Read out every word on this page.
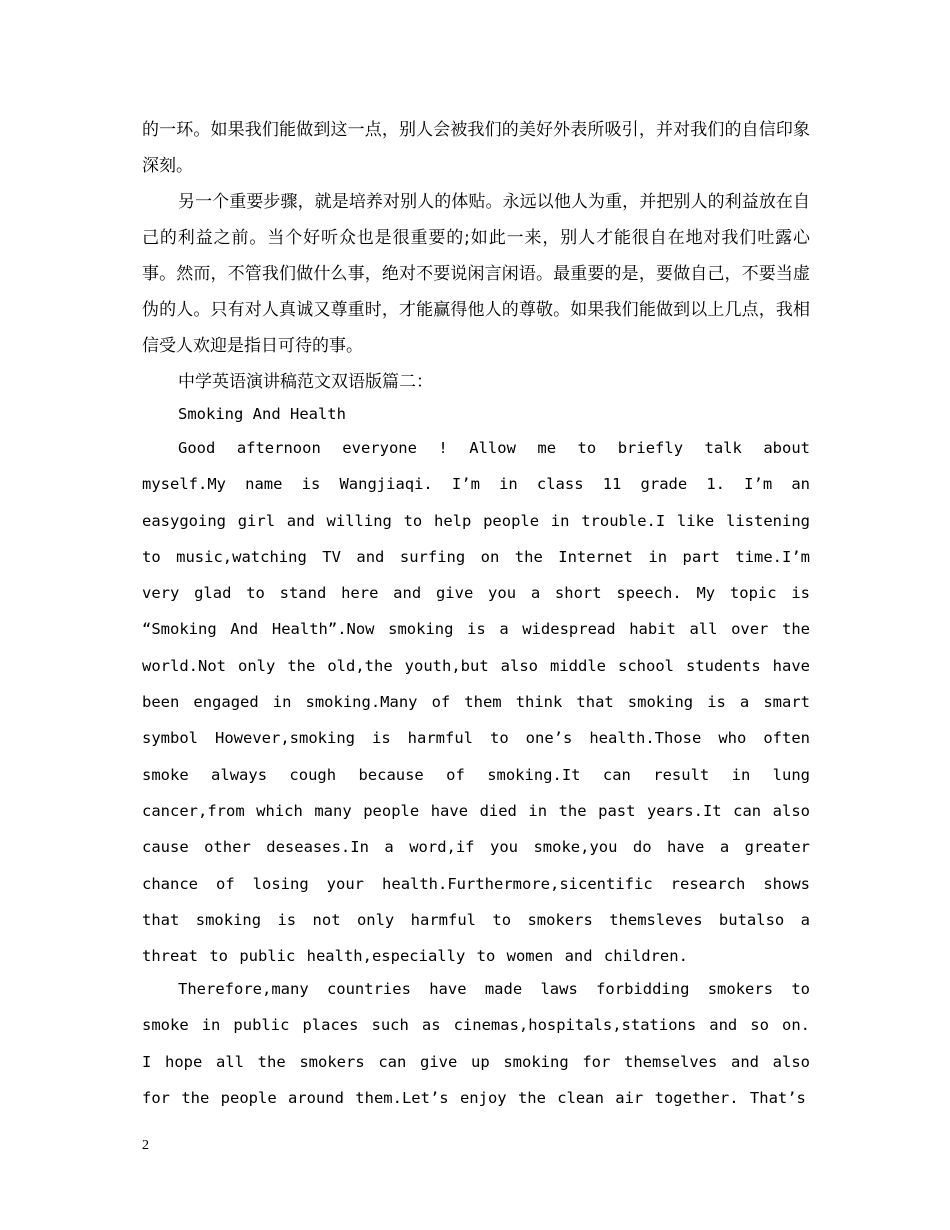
的一环。如果我们能做到这一点，别人会被我们的美好外表所吸引，并对我们的自信印象深刻。

另一个重要步骤，就是培养对别人的体贴。永远以他人为重，并把别人的利益放在自己的利益之前。当个好听众也是很重要的;如此一来，别人才能很自在地对我们吐露心事。然而，不管我们做什么事，绝对不要说闲言闲语。最重要的是，要做自己，不要当虚伪的人。只有对人真诚又尊重时，才能赢得他人的尊敬。如果我们能做到以上几点，我相信受人欢迎是指日可待的事。

中学英语演讲稿范文双语版篇二：

Smoking And Health

Good afternoon everyone ! Allow me to briefly talk about myself.My name is Wangjiaqi. I’m in class 11 grade 1. I’m an easygoing girl and willing to help people in trouble.I like listening to music,watching TV and surfing on the Internet in part time.I’m very glad to stand here and give you a short speech. My topic is “Smoking And Health”.Now smoking is a widespread habit all over the world.Not only the old,the youth,but also middle school students have been engaged in smoking.Many of them think that smoking is a smart symbol However,smoking is harmful to one’s health.Those who often smoke always cough because of smoking.It can result in lung cancer,from which many people have died in the past years.It can also cause other deseases.In a word,if you smoke,you do have a greater chance of losing your health.Furthermore,sicentific research shows that smoking is not only harmful to smokers themsleves butalso a threat to public health,especially to women and children.

Therefore,many countries have made laws forbidding smokers to smoke in public places such as cinemas,hospitals,stations and so on. I hope all the smokers can give up smoking for themselves and also for the people around them.Let’s enjoy the clean air together. That’s

2
